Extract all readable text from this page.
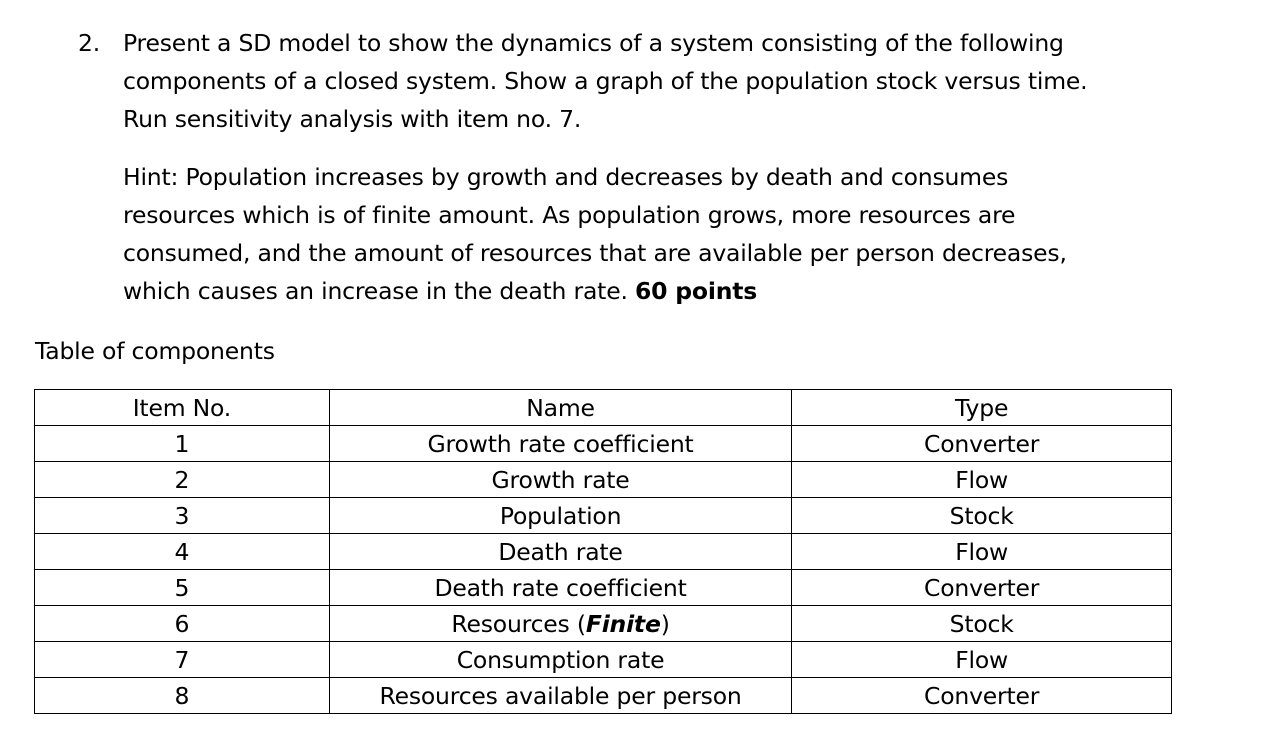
2. Present a SD model to show the dynamics of a system consisting of the following
components of a closed system. Show a graph of the population stock versus time.
Run sensitivity analysis with item no. 7.

Hint: Population increases by growth and decreases by death and consumes
resources which is of finite amount. As population grows, more resources are
consumed, and the amount of resources that are available per person decreases,
which causes an increase in the death rate. 60 points

Table of components
Item No.	Name	Type
1	Growth rate coefficient	Converter
2	Growth rate	Flow
3	Population	Stock
4	Death rate	Flow
5	Death rate coefficient	Converter
6	Resources (Finite)	Stock
7	Consumption rate	Flow
8	Resources available per person	Converter
